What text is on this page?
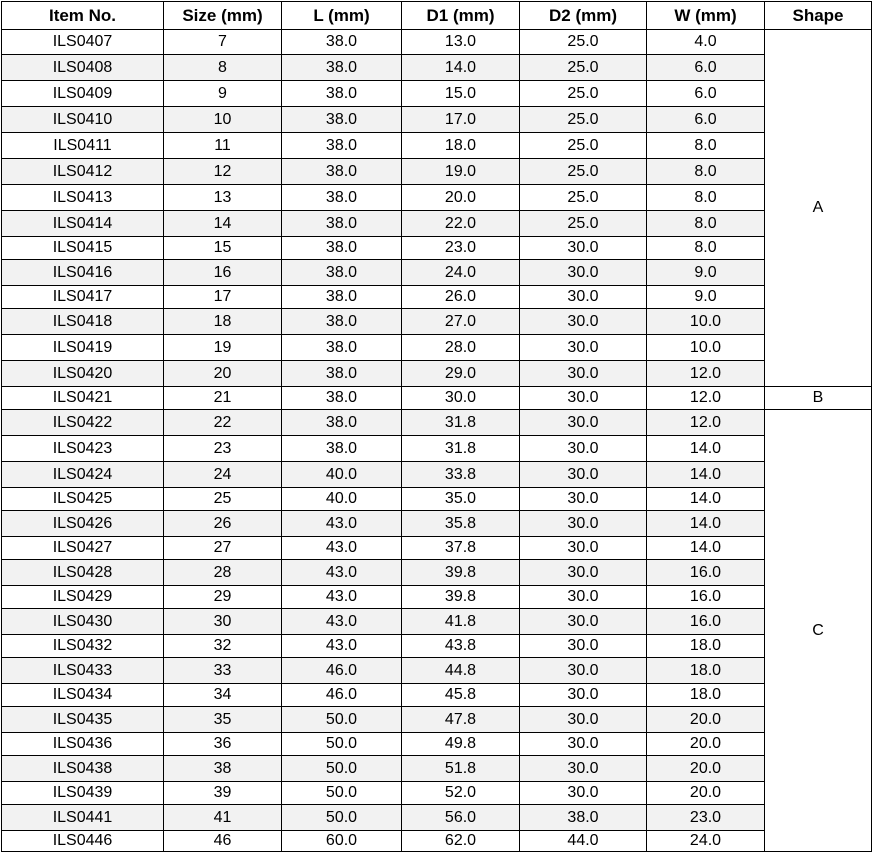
Item No.	Size (mm)	L (mm)	D1 (mm)	D2 (mm)	W (mm)	Shape
ILS0407	7	38.0	13.0	25.0	4.0	A
ILS0408	8	38.0	14.0	25.0	6.0	
ILS0409	9	38.0	15.0	25.0	6.0	
ILS0410	10	38.0	17.0	25.0	6.0	
ILS0411	11	38.0	18.0	25.0	8.0	
ILS0412	12	38.0	19.0	25.0	8.0	
ILS0413	13	38.0	20.0	25.0	8.0	
ILS0414	14	38.0	22.0	25.0	8.0	
ILS0415	15	38.0	23.0	30.0	8.0	
ILS0416	16	38.0	24.0	30.0	9.0	
ILS0417	17	38.0	26.0	30.0	9.0	
ILS0418	18	38.0	27.0	30.0	10.0	
ILS0419	19	38.0	28.0	30.0	10.0	
ILS0420	20	38.0	29.0	30.0	12.0	
ILS0421	21	38.0	30.0	30.0	12.0	B
ILS0422	22	38.0	31.8	30.0	12.0	C
ILS0423	23	38.0	31.8	30.0	14.0	
ILS0424	24	40.0	33.8	30.0	14.0	
ILS0425	25	40.0	35.0	30.0	14.0	
ILS0426	26	43.0	35.8	30.0	14.0	
ILS0427	27	43.0	37.8	30.0	14.0	
ILS0428	28	43.0	39.8	30.0	16.0	
ILS0429	29	43.0	39.8	30.0	16.0	
ILS0430	30	43.0	41.8	30.0	16.0	
ILS0432	32	43.0	43.8	30.0	18.0	
ILS0433	33	46.0	44.8	30.0	18.0	
ILS0434	34	46.0	45.8	30.0	18.0	
ILS0435	35	50.0	47.8	30.0	20.0	
ILS0436	36	50.0	49.8	30.0	20.0	
ILS0438	38	50.0	51.8	30.0	20.0	
ILS0439	39	50.0	52.0	30.0	20.0	
ILS0441	41	50.0	56.0	38.0	23.0	
ILS0446	46	60.0	62.0	44.0	24.0	
